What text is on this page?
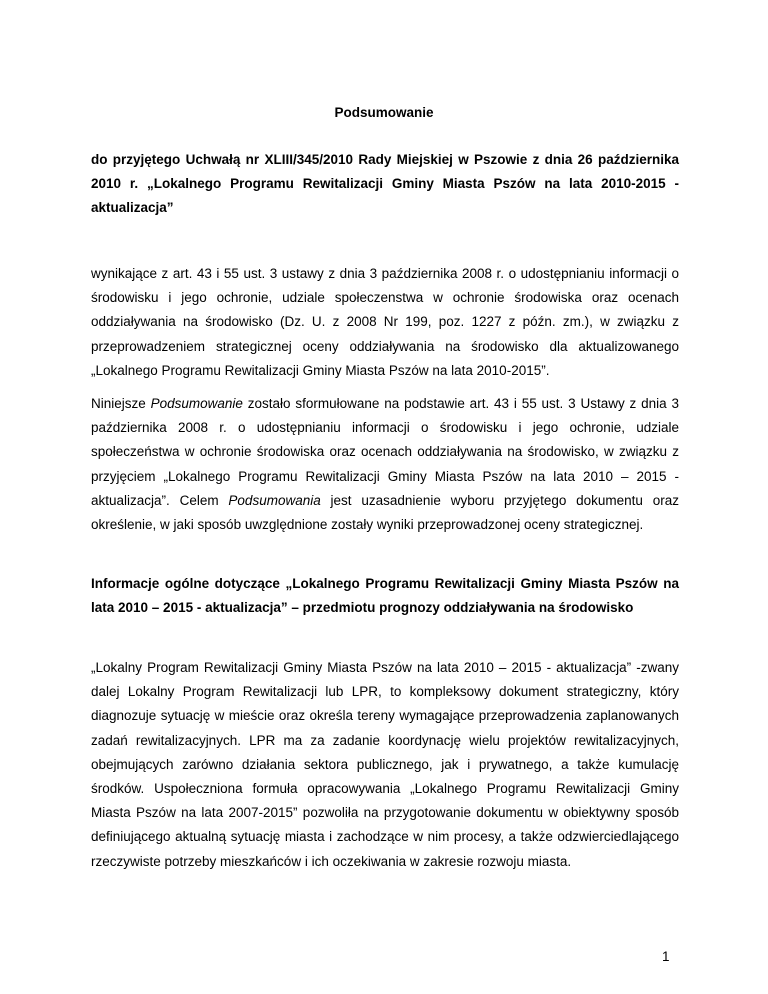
Podsumowanie
do przyjętego Uchwałą nr XLIII/345/2010 Rady Miejskiej w Pszowie z dnia 26 października 2010 r. „Lokalnego Programu Rewitalizacji Gminy Miasta Pszów na lata 2010-2015 - aktualizacja”
wynikające z art. 43 i 55 ust. 3 ustawy z dnia 3 października 2008 r. o udostępnianiu informacji o środowisku i jego ochronie, udziale społeczenstwa w ochronie środowiska oraz ocenach oddziaływania na środowisko (Dz. U. z 2008 Nr 199, poz. 1227 z późn. zm.), w związku z przeprowadzeniem strategicznej oceny oddziaływania na środowisko dla aktualizowanego „Lokalnego Programu Rewitalizacji Gminy Miasta Pszów na lata 2010-2015”.
Niniejsze Podsumowanie zostało sformułowane na podstawie art. 43 i 55 ust. 3 Ustawy z dnia 3 października 2008 r. o udostępnianiu informacji o środowisku i jego ochronie, udziale społeczeństwa w ochronie środowiska oraz ocenach oddziaływania na środowisko, w związku z przyjęciem „Lokalnego Programu Rewitalizacji Gminy Miasta Pszów na lata 2010 – 2015 - aktualizacja”. Celem Podsumowania jest uzasadnienie wyboru przyjętego dokumentu oraz określenie, w jaki sposób uwzględnione zostały wyniki przeprowadzonej oceny strategicznej.
Informacje ogólne dotyczące „Lokalnego Programu Rewitalizacji Gminy Miasta Pszów na lata 2010 – 2015 - aktualizacja” – przedmiotu prognozy oddziaływania na środowisko
„Lokalny Program Rewitalizacji Gminy Miasta Pszów na lata 2010 – 2015 - aktualizacja” -zwany dalej Lokalny Program Rewitalizacji lub LPR, to kompleksowy dokument strategiczny, który diagnozuje sytuację w mieście oraz określa tereny wymagające przeprowadzenia zaplanowanych zadań rewitalizacyjnych. LPR ma za zadanie koordynację wielu projektów rewitalizacyjnych, obejmujących zarówno działania sektora publicznego, jak i prywatnego, a także kumulację środków. Uspołeczniona formuła opracowywania „Lokalnego Programu Rewitalizacji Gminy Miasta Pszów na lata 2007-2015” pozwoliła na przygotowanie dokumentu w obiektywny sposób definiującego aktualną sytuację miasta i zachodzące w nim procesy, a także odzwierciedlającego rzeczywiste potrzeby mieszkańców i ich oczekiwania w zakresie rozwoju miasta.
1
